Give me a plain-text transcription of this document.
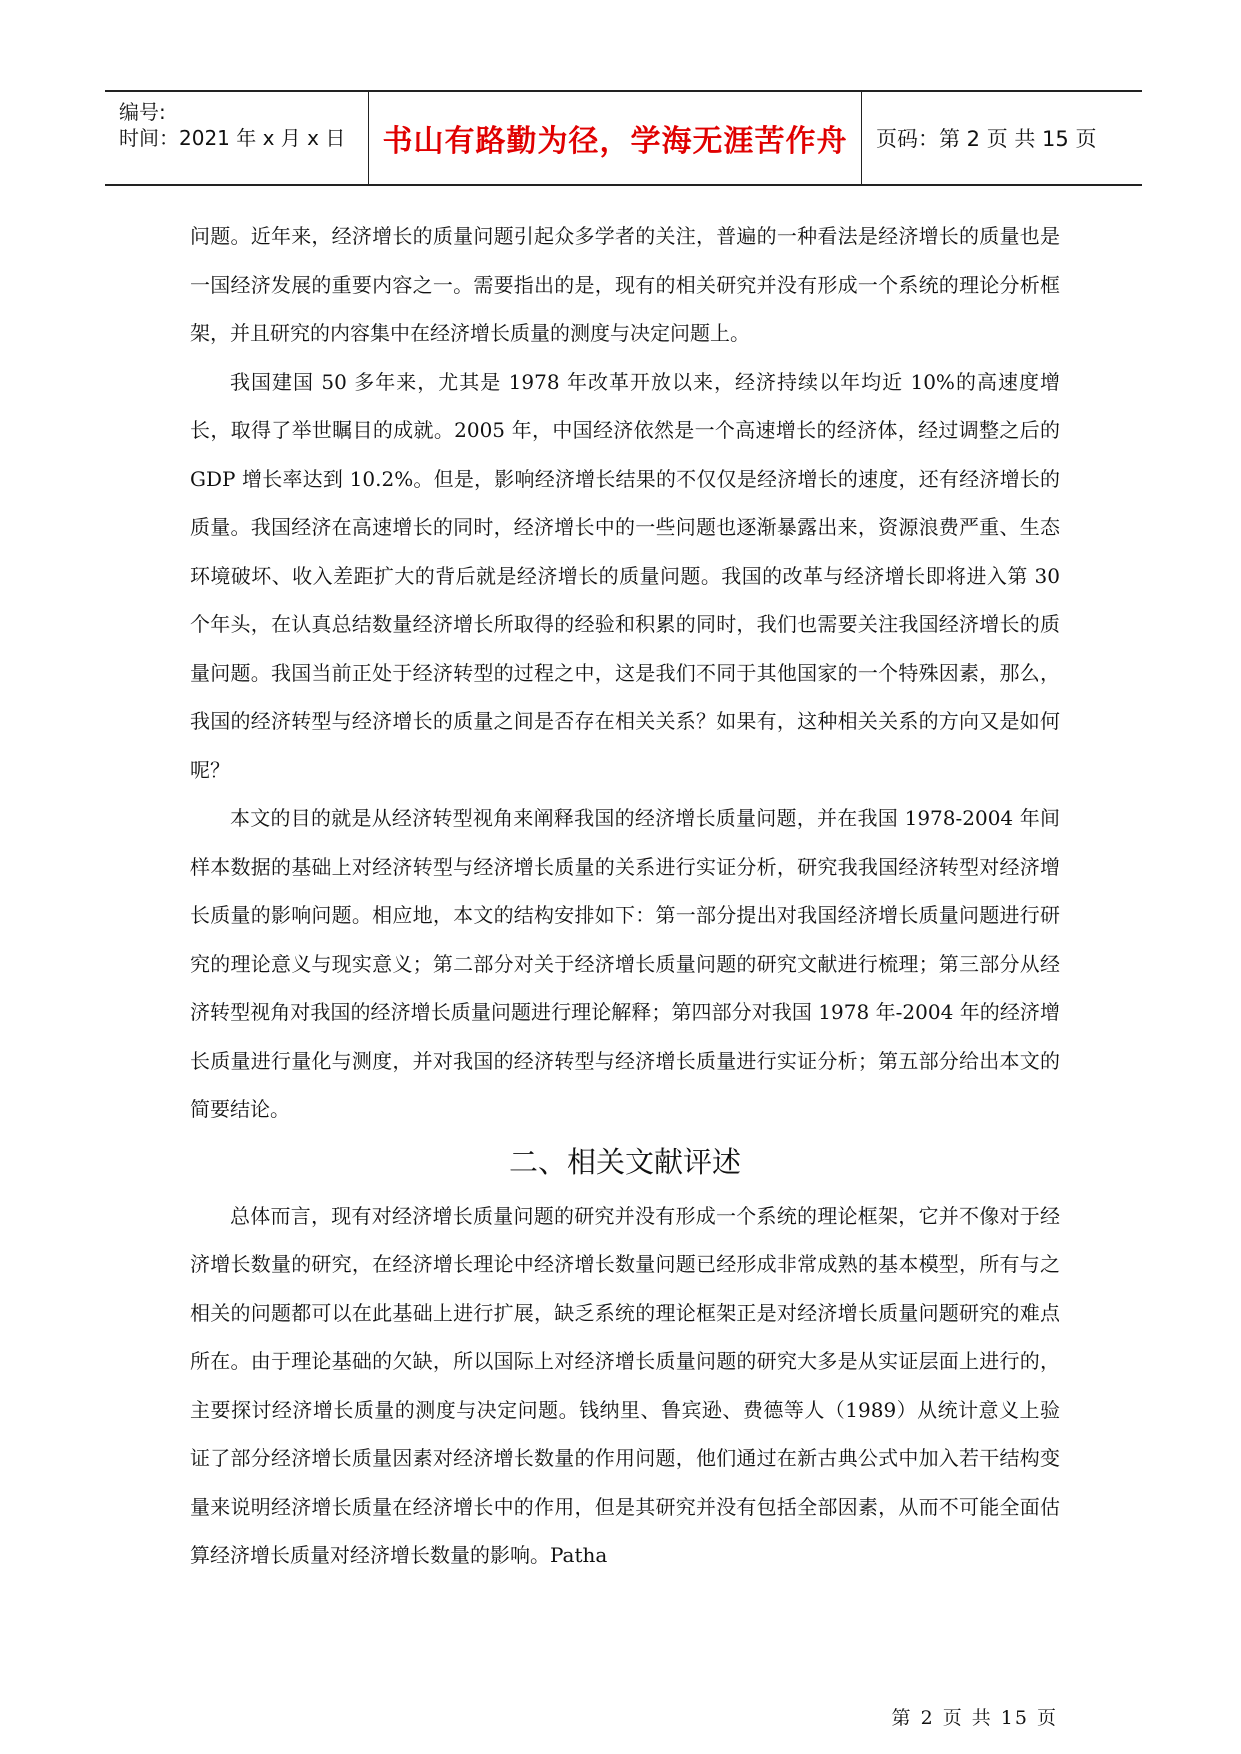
编号:
时间：2021 年 x 月 x 日 书山有路勤为径，学海无涯苦作舟 页码：第 2 页 共 15 页

问题。近年来，经济增长的质量问题引起众多学者的关注，普遍的一种看法是经济增长的质量也是一国经济发展的重要内容之一。需要指出的是，现有的相关研究并没有形成一个系统的理论分析框架，并且研究的内容集中在经济增长质量的测度与决定问题上。

我国建国 50 多年来，尤其是 1978 年改革开放以来，经济持续以年均近 10%的高速度增长，取得了举世瞩目的成就。2005 年，中国经济依然是一个高速增长的经济体，经过调整之后的 GDP 增长率达到 10.2%。但是，影响经济增长结果的不仅仅是经济增长的速度，还有经济增长的质量。我国经济在高速增长的同时，经济增长中的一些问题也逐渐暴露出来，资源浪费严重、生态环境破坏、收入差距扩大的背后就是经济增长的质量问题。我国的改革与经济增长即将进入第 30 个年头，在认真总结数量经济增长所取得的经验和积累的同时，我们也需要关注我国经济增长的质量问题。我国当前正处于经济转型的过程之中，这是我们不同于其他国家的一个特殊因素，那么，我国的经济转型与经济增长的质量之间是否存在相关关系？如果有，这种相关关系的方向又是如何呢？

本文的目的就是从经济转型视角来阐释我国的经济增长质量问题，并在我国 1978-2004 年间样本数据的基础上对经济转型与经济增长质量的关系进行实证分析，研究我我国经济转型对经济增长质量的影响问题。相应地，本文的结构安排如下：第一部分提出对我国经济增长质量问题进行研究的理论意义与现实意义；第二部分对关于经济增长质量问题的研究文献进行梳理；第三部分从经济转型视角对我国的经济增长质量问题进行理论解释；第四部分对我国 1978 年-2004 年的经济增长质量进行量化与测度，并对我国的经济转型与经济增长质量进行实证分析；第五部分给出本文的简要结论。

二、相关文献评述

总体而言，现有对经济增长质量问题的研究并没有形成一个系统的理论框架，它并不像对于经济增长数量的研究，在经济增长理论中经济增长数量问题已经形成非常成熟的基本模型，所有与之相关的问题都可以在此基础上进行扩展，缺乏系统的理论框架正是对经济增长质量问题研究的难点所在。由于理论基础的欠缺，所以国际上对经济增长质量问题的研究大多是从实证层面上进行的，主要探讨经济增长质量的测度与决定问题。钱纳里、鲁宾逊、费德等人（1989）从统计意义上验证了部分经济增长质量因素对经济增长数量的作用问题，他们通过在新古典公式中加入若干结构变量来说明经济增长质量在经济增长中的作用，但是其研究并没有包括全部因素，从而不可能全面估算经济增长质量对经济增长数量的影响。Patha

第 2 页 共 15 页
